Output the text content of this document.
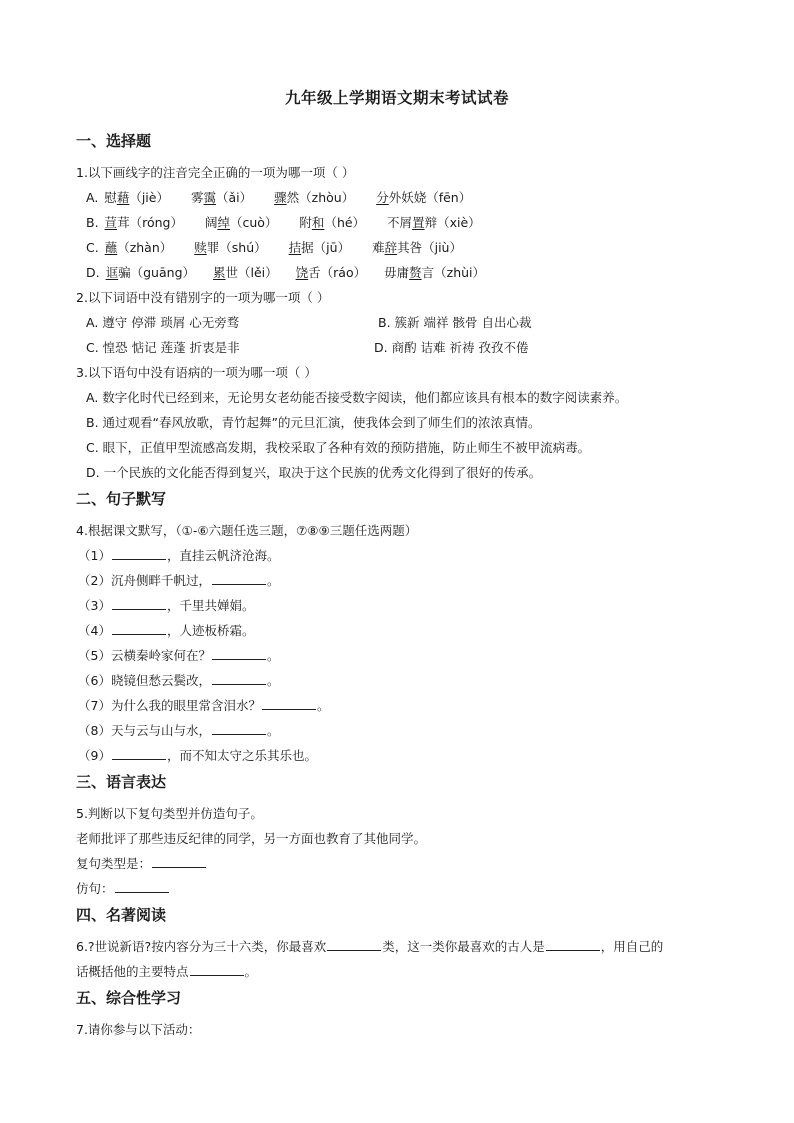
九年级上学期语文期末考试试卷
一、选择题
1.以下画线字的注音完全正确的一项为哪一项（ ）
A. 慰藉（jiè） 雾霭（ǎi） 骤然（zhòu） 分外妖娆（fēn）
B. 荁茸（róng） 阔绰（cuò） 附和（hé） 不屑置辩（xiè）
C. 蘸（zhàn） 赎罪（shú） 拮据（jū） 难辞其咎（jiù）
D. 诓骗（guāng） 累世（lěi） 饶舌（ráo） 毋庸赘言（zhùi）
2.以下词语中没有错别字的一项为哪一项（ ）
A. 遵守 停滞 琐屑 心无旁骛	B. 簇新 端祥 骸骨 自出心裁
C. 惶恐 惦记 莲蓬 折衷是非	D. 商酌 诘难 祈祷 孜孜不倦
3.以下语句中没有语病的一项为哪一项（ ）
A. 数字化时代已经到来，无论男女老幼能否接受数字阅读，他们都应该具有根本的数字阅读素养。
B. 通过观看“春风放歌，青竹起舞”的元旦汇演，使我体会到了师生们的浓浓真情。
C. 眼下，正值甲型流感高发期，我校采取了各种有效的预防措施，防止师生不被甲流病毒。
D. 一个民族的文化能否得到复兴，取决于这个民族的优秀文化得到了很好的传承。
二、句子默写
4.根据课文默写，（①-⑥六题任选三题，⑦⑧⑨三题任选两题）
（1）	，直挂云帆济沧海。
（2）沉舟侧畔千帆过，	。
（3）	，千里共婵娟。
（4）	，人迹板桥霜。
（5）云横秦岭家何在？	。
（6）晓镜但愁云鬓改，	。
（7）为什么我的眼里常含泪水？	。
（8）天与云与山与水，	。
（9）	，而不知太守之乐其乐也。
三、语言表达
5.判断以下复句类型并仿造句子。
老师批评了那些违反纪律的同学，另一方面也教育了其他同学。
复句类型是：
仿句：
四、名著阅读
6.?世说新语?按内容分为三十六类，你最喜欢	类，这一类你最喜欢的古人是	，用自己的
话概括他的主要特点	。
五、综合性学习
7.请你参与以下活动：
